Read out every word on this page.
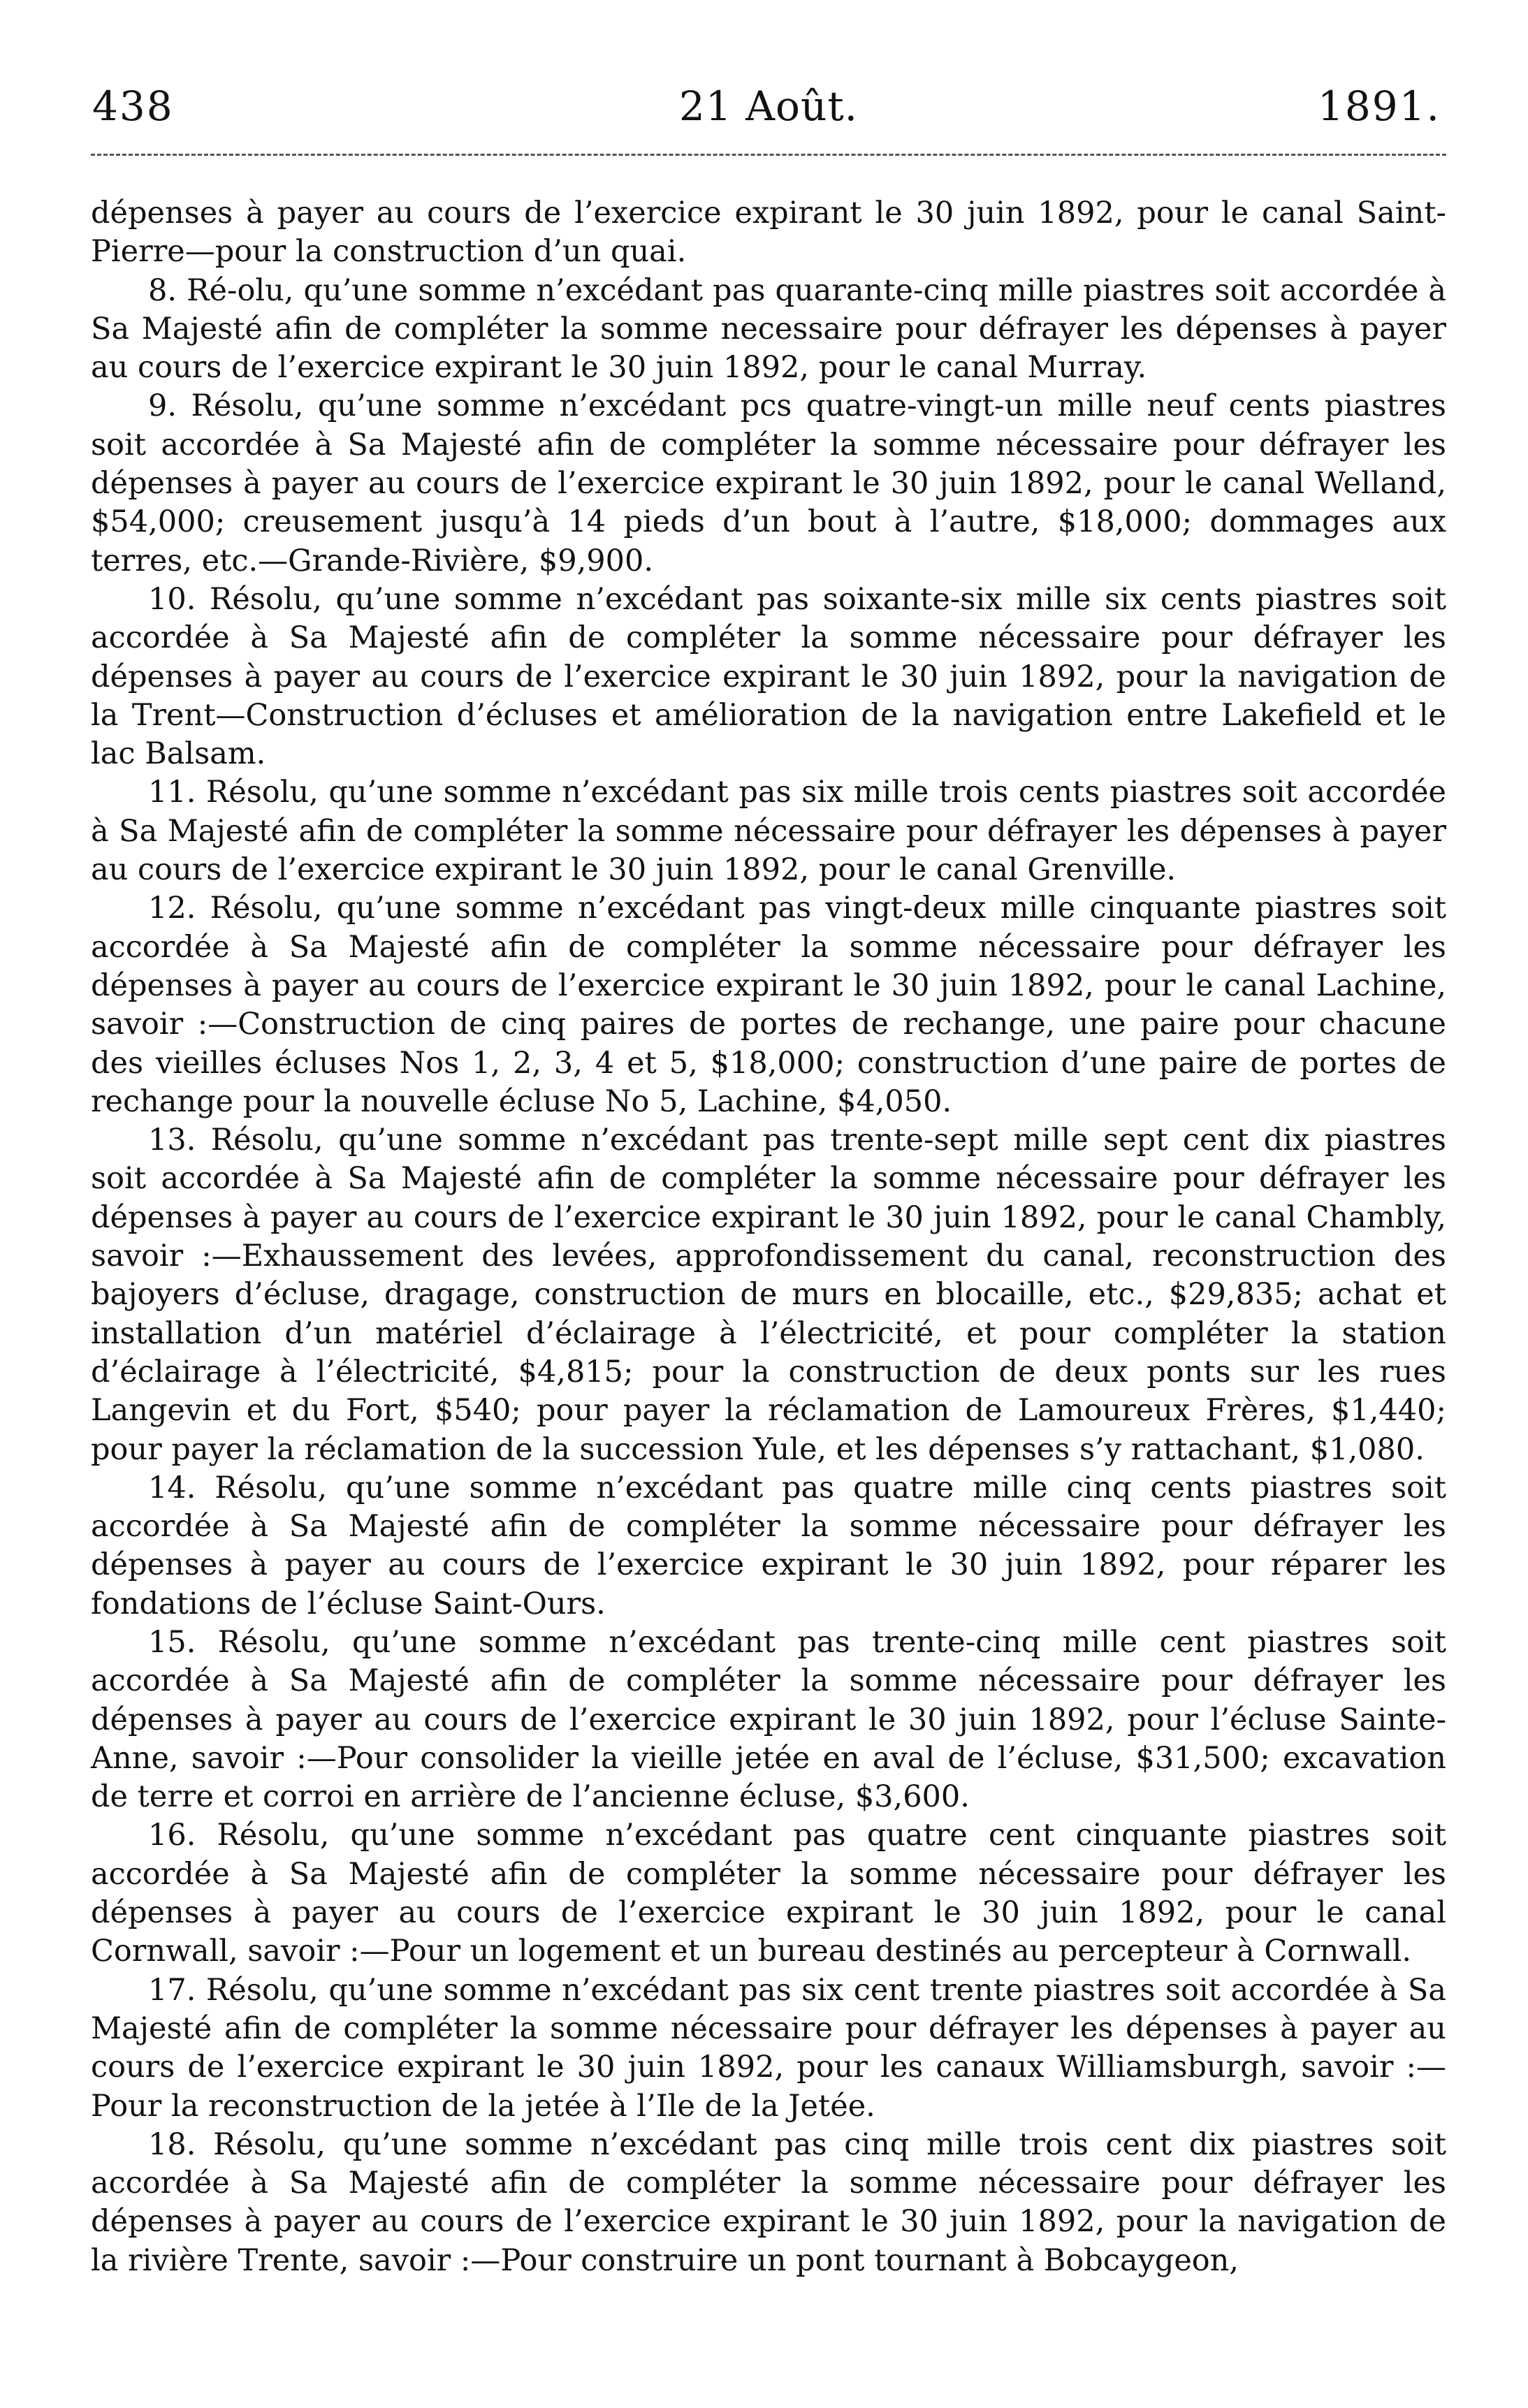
438	21 Août.	1891.

dépenses à payer au cours de l’exercice expirant le 30 juin 1892, pour le canal Saint-Pierre—pour la construction d’un quai.

8. Ré-olu, qu’une somme n’excédant pas quarante-cinq mille piastres soit accordée à Sa Majesté afin de compléter la somme necessaire pour défrayer les dépenses à payer au cours de l’exercice expirant le 30 juin 1892, pour le canal Murray.

9. Résolu, qu’une somme n’excédant pcs quatre-vingt-un mille neuf cents piastres soit accordée à Sa Majesté afin de compléter la somme nécessaire pour défrayer les dépenses à payer au cours de l’exercice expirant le 30 juin 1892, pour le canal Welland, $54,000; creusement jusqu’à 14 pieds d’un bout à l’autre, $18,000; dommages aux terres, etc.—Grande-Rivière, $9,900.

10. Résolu, qu’une somme n’excédant pas soixante-six mille six cents piastres soit accordée à Sa Majesté afin de compléter la somme nécessaire pour défrayer les dépenses à payer au cours de l’exercice expirant le 30 juin 1892, pour la navigation de la Trent—Construction d’écluses et amélioration de la navigation entre Lakefield et le lac Balsam.

11. Résolu, qu’une somme n’excédant pas six mille trois cents piastres soit accordée à Sa Majesté afin de compléter la somme nécessaire pour défrayer les dépenses à payer au cours de l’exercice expirant le 30 juin 1892, pour le canal Grenville.

12. Résolu, qu’une somme n’excédant pas vingt-deux mille cinquante piastres soit accordée à Sa Majesté afin de compléter la somme nécessaire pour défrayer les dépenses à payer au cours de l’exercice expirant le 30 juin 1892, pour le canal Lachine, savoir :—Construction de cinq paires de portes de rechange, une paire pour chacune des vieilles écluses Nos 1, 2, 3, 4 et 5, $18,000; construction d’une paire de portes de rechange pour la nouvelle écluse No 5, Lachine, $4,050.

13. Résolu, qu’une somme n’excédant pas trente-sept mille sept cent dix piastres soit accordée à Sa Majesté afin de compléter la somme nécessaire pour défrayer les dépenses à payer au cours de l’exercice expirant le 30 juin 1892, pour le canal Chambly, savoir :—Exhaussement des levées, approfondissement du canal, reconstruction des bajoyers d’écluse, dragage, construction de murs en blocaille, etc., $29,835; achat et installation d’un matériel d’éclairage à l’électricité, et pour compléter la station d’éclairage à l’électricité, $4,815; pour la construction de deux ponts sur les rues Langevin et du Fort, $540; pour payer la réclamation de Lamoureux Frères, $1,440; pour payer la réclamation de la succession Yule, et les dépenses s’y rattachant, $1,080.

14. Résolu, qu’une somme n’excédant pas quatre mille cinq cents piastres soit accordée à Sa Majesté afin de compléter la somme nécessaire pour défrayer les dépenses à payer au cours de l’exercice expirant le 30 juin 1892, pour réparer les fondations de l’écluse Saint-Ours.

15. Résolu, qu’une somme n’excédant pas trente-cinq mille cent piastres soit accordée à Sa Majesté afin de compléter la somme nécessaire pour défrayer les dépenses à payer au cours de l’exercice expirant le 30 juin 1892, pour l’écluse Sainte-Anne, savoir :—Pour consolider la vieille jetée en aval de l’écluse, $31,500; excavation de terre et corroi en arrière de l’ancienne écluse, $3,600.

16. Résolu, qu’une somme n’excédant pas quatre cent cinquante piastres soit accordée à Sa Majesté afin de compléter la somme nécessaire pour défrayer les dépenses à payer au cours de l’exercice expirant le 30 juin 1892, pour le canal Cornwall, savoir :—Pour un logement et un bureau destinés au percepteur à Cornwall.

17. Résolu, qu’une somme n’excédant pas six cent trente piastres soit accordée à Sa Majesté afin de compléter la somme nécessaire pour défrayer les dépenses à payer au cours de l’exercice expirant le 30 juin 1892, pour les canaux Williamsburgh, savoir :—Pour la reconstruction de la jetée à l’Ile de la Jetée.

18. Résolu, qu’une somme n’excédant pas cinq mille trois cent dix piastres soit accordée à Sa Majesté afin de compléter la somme nécessaire pour défrayer les dépenses à payer au cours de l’exercice expirant le 30 juin 1892, pour la navigation de la rivière Trente, savoir :—Pour construire un pont tournant à Bobcaygeon,
